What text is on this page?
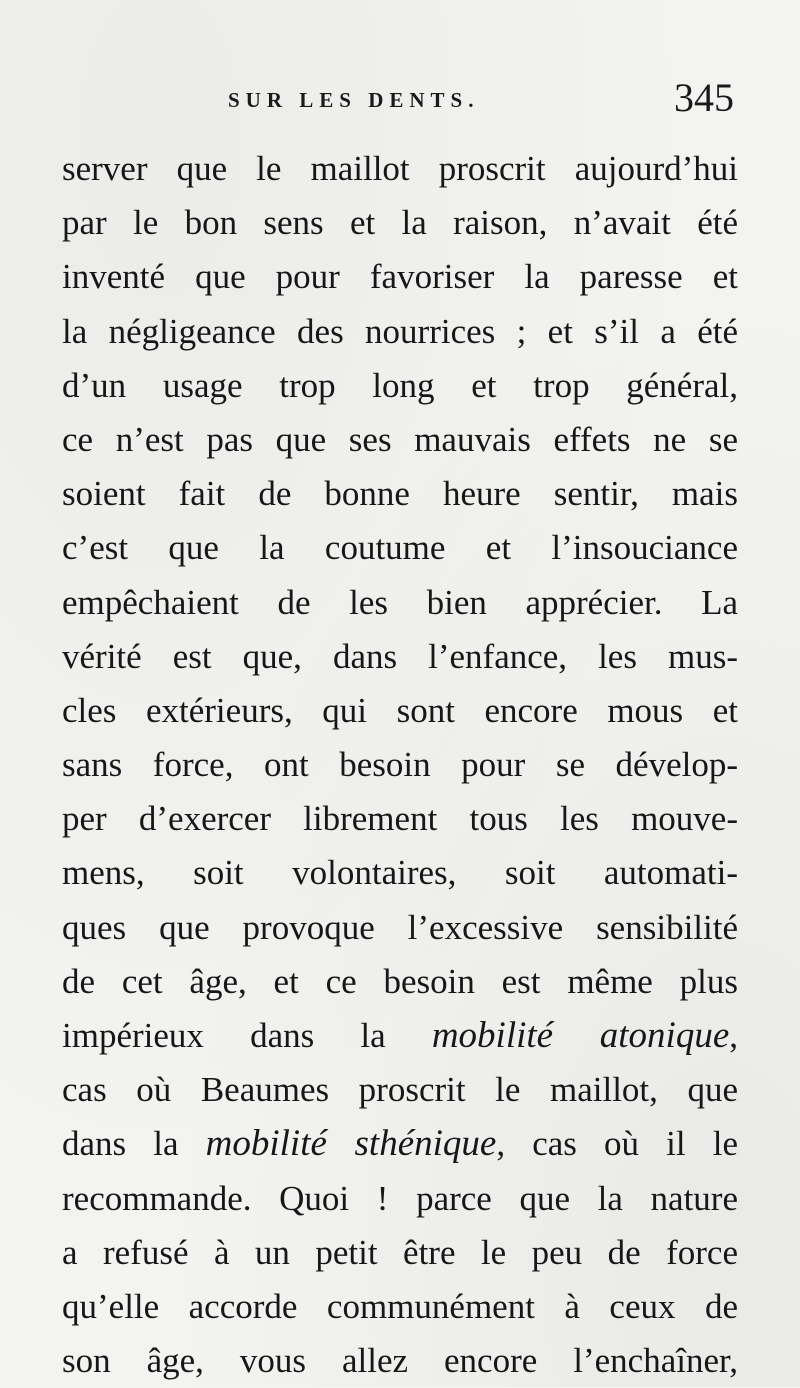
SUR LES DENTS.	345
server que le maillot proscrit aujourd’hui
par le bon sens et la raison, n’avait été
inventé que pour favoriser la paresse et
la négligeance des nourrices ; et s’il a été
d’un usage trop long et trop général,
ce n’est pas que ses mauvais effets ne se
soient fait de bonne heure sentir, mais
c’est que la coutume et l’insouciance
empêchaient de les bien apprécier. La
vérité est que, dans l’enfance, les mus-
cles extérieurs, qui sont encore mous et
sans force, ont besoin pour se dévelop-
per d’exercer librement tous les mouve-
mens, soit volontaires, soit automati-
ques que provoque l’excessive sensibilité
de cet âge, et ce besoin est même plus
impérieux dans la mobilité atonique,
cas où Beaumes proscrit le maillot, que
dans la mobilité sthénique, cas où il le
recommande. Quoi ! parce que la nature
a refusé à un petit être le peu de force
qu’elle accorde communément à ceux de
son âge, vous allez encore l’enchaîner,
